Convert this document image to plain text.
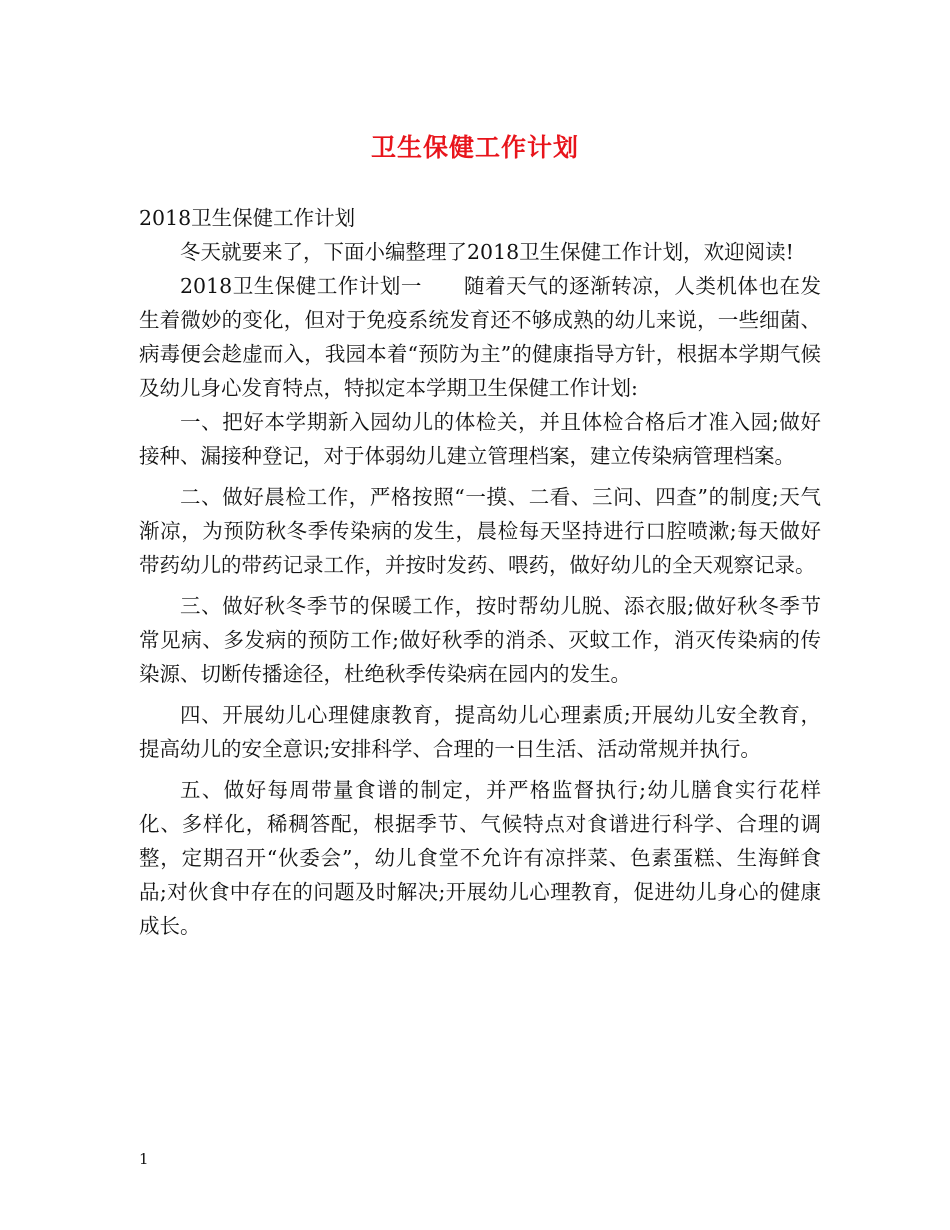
卫生保健工作计划

2018卫生保健工作计划

冬天就要来了，下面小编整理了2018卫生保健工作计划，欢迎阅读!

2018卫生保健工作计划一　　随着天气的逐渐转凉，人类机体也在发生着微妙的变化，但对于免疫系统发育还不够成熟的幼儿来说，一些细菌、病毒便会趁虚而入，我园本着“预防为主”的健康指导方针，根据本学期气候及幼儿身心发育特点，特拟定本学期卫生保健工作计划:

一、把好本学期新入园幼儿的体检关，并且体检合格后才准入园;做好接种、漏接种登记，对于体弱幼儿建立管理档案，建立传染病管理档案。

二、做好晨检工作，严格按照“一摸、二看、三问、四查”的制度;天气渐凉，为预防秋冬季传染病的发生，晨检每天坚持进行口腔喷漱;每天做好带药幼儿的带药记录工作，并按时发药、喂药，做好幼儿的全天观察记录。

三、做好秋冬季节的保暖工作，按时帮幼儿脱、添衣服;做好秋冬季节常见病、多发病的预防工作;做好秋季的消杀、灭蚊工作，消灭传染病的传染源、切断传播途径，杜绝秋季传染病在园内的发生。

四、开展幼儿心理健康教育，提高幼儿心理素质;开展幼儿安全教育，提高幼儿的安全意识;安排科学、合理的一日生活、活动常规并执行。

五、做好每周带量食谱的制定，并严格监督执行;幼儿膳食实行花样化、多样化，稀稠答配，根据季节、气候特点对食谱进行科学、合理的调整，定期召开“伙委会”，幼儿食堂不允许有凉拌菜、色素蛋糕、生海鲜食品;对伙食中存在的问题及时解决;开展幼儿心理教育，促进幼儿身心的健康成长。

1
